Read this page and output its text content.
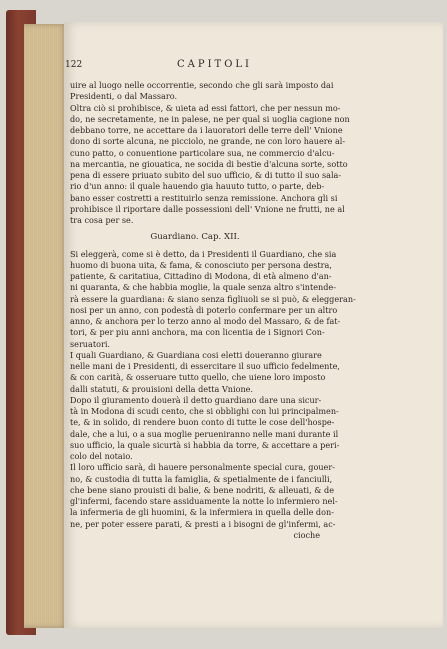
122	CAPITOLI
uire al luogo nelle occorrentie, secondo che gli sarà imposto dai
Presidenti, o dal Massaro.
Oltra ciò si prohibisce, & uieta ad essi fattori, che per nessun mo-
do, ne secretamente, ne in palese, ne per qual si uoglia cagione non
debbano torre, ne accettare da i lauoratori delle terre dell' Vnione
dono di sorte alcuna, ne picciolo, ne grande, ne con loro hauere al-
cuno patto, o conuentione particolare sua, ne commercio d'alcu-
na mercantia, ne giouatica, ne socida di bestie d'alcuna sorte, sotto
pena di essere priuato subito del suo ufficio, & di tutto il suo sala-
rio d'un anno: il quale hauendo gia hauuto tutto, o parte, deb-
bano esser costretti a restituirlo senza remissione. Anchora gli si
prohibisce il riportare dalle possessioni dell' Vnione ne frutti, ne al
tra cosa per se.
Guardiano. Cap. XII.
Si eleggerà, come si è detto, da i Presidenti il Guardiano, che sia
huomo di buona uita, & fama, & conosciuto per persona destra,
patiente, & caritatiua, Cittadino di Modona, di età almeno d'an-
ni quaranta, & che habbia moglie, la quale senza altro s'intende-
rà essere la guardiana: & siano senza figliuoli se si può, & eleggeran-
nosi per un anno, con podestà di poterlo confermare per un altro
anno, & anchora per lo terzo anno al modo del Massaro, & de fat-
tori, & per piu anni anchora, ma con licentia de i Signori Con-
seruatori.
I quali Guardiano, & Guardiana cosi eletti doueranno giurare
nelle mani de i Presidenti, di essercitare il suo ufficio fedelmente,
& con carità, & osseruare tutto quello, che uiene loro imposto
dalli statuti, & prouisioni della detta Vnione.
Dopo il giuramento douerà il detto guardiano dare una sicur-
tà in Modona di scudi cento, che si obblighi con lui principalmen-
te, & in solido, di rendere buon conto di tutte le cose dell'hospe-
dale, che a lui, o a sua moglie perueniranno nelle mani durante il
suo ufficio, la quale sicurtà si habbia da torre, & accettare a peri-
colo del notaio.
Il loro ufficio sarà, di hauere personalmente special cura, gouer-
no, & custodia di tutta la famiglia, & spetialmente de i fanciulli,
che bene siano prouisti di balie, & bene nodriti, & alleuati, & de
gl'infermi, facendo stare assiduamente la notte lo infermiero nel-
la infermeria de gli huomini, & la infermiera in quella delle don-
ne, per poter essere parati, & presti a i bisogni de gl'infermi, ac-
cioche
